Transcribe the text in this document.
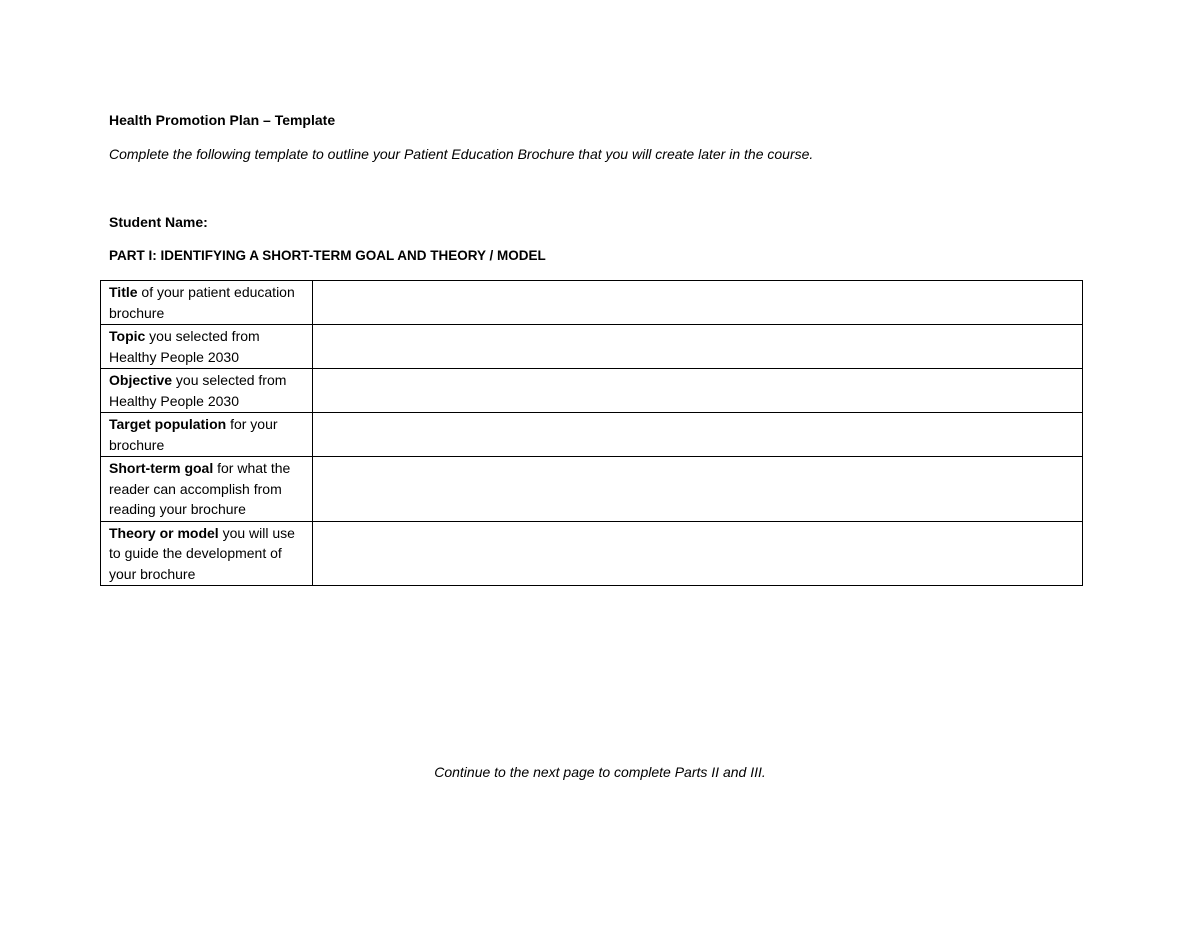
Health Promotion Plan – Template
Complete the following template to outline your Patient Education Brochure that you will create later in the course.
Student Name:
PART I: IDENTIFYING A SHORT-TERM GOAL AND THEORY / MODEL
Title of your patient education brochure	
Topic you selected from Healthy People 2030	
Objective you selected from Healthy People 2030	
Target population for your brochure	
Short-term goal for what the reader can accomplish from reading your brochure	
Theory or model you will use to guide the development of your brochure	
Continue to the next page to complete Parts II and III.
